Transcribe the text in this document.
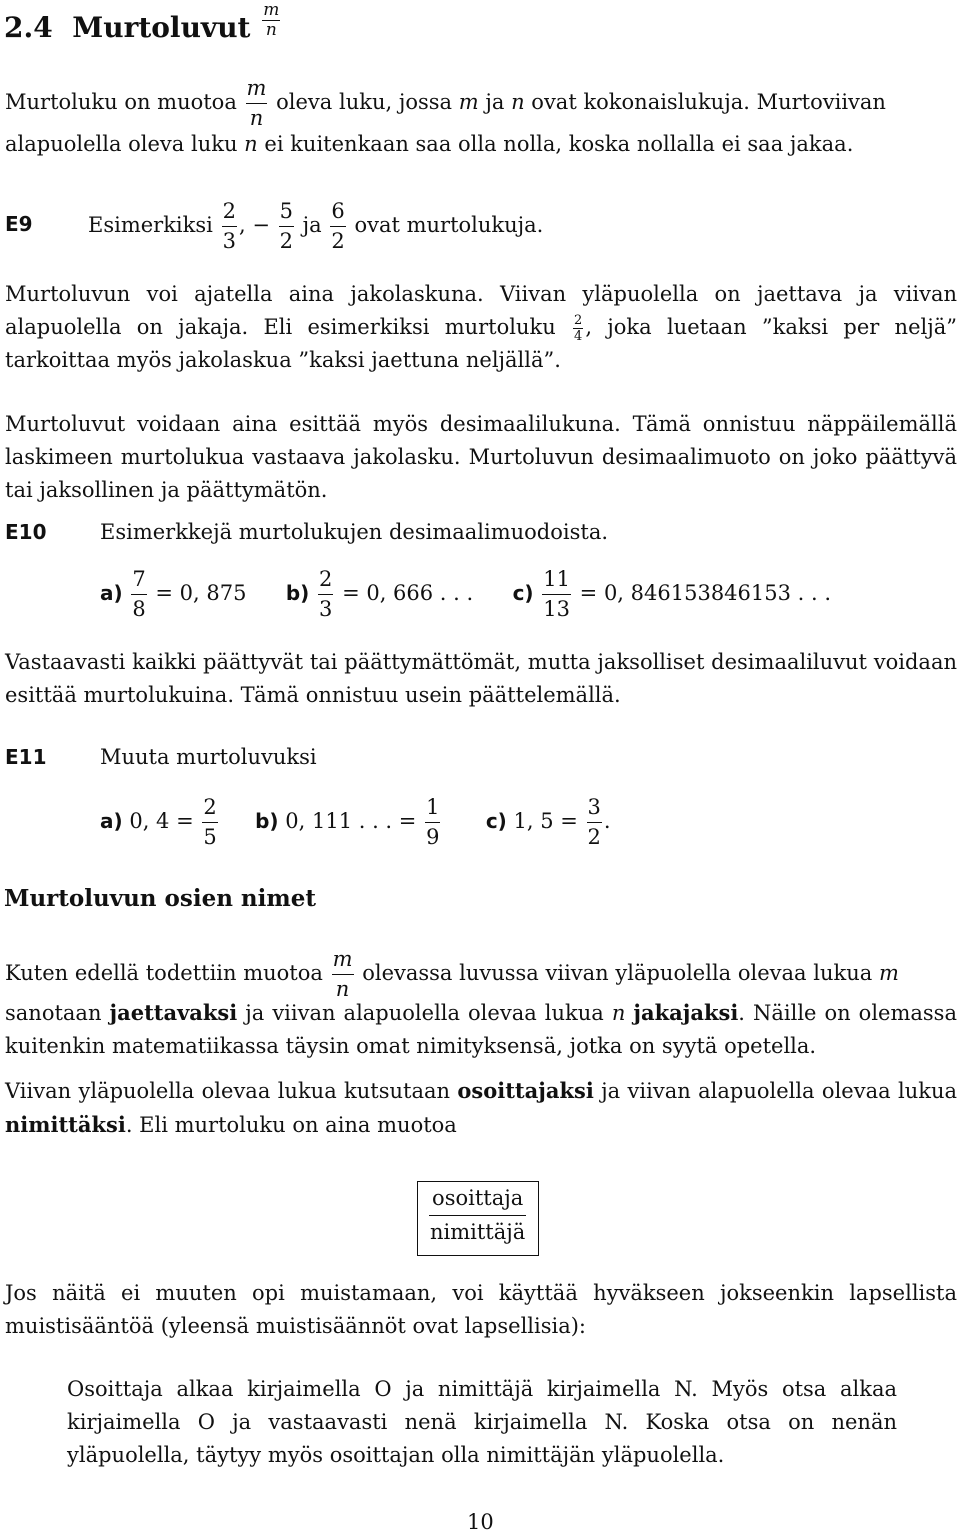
2.4 Murtoluvut $\frac{m}{n}$
Murtoluku on muotoa $\frac{m}{n}$ oleva luku, jossa m ja n ovat kokonaislukuja. Murtoviivan
alapuolella oleva luku n ei kuitenkaan saa olla nolla, koska nollalla ei saa jakaa.
E9	Esimerkiksi $\frac{2}{3}$ , − $\frac{5}{2}$ ja $\frac{6}{2}$ ovat murtolukuja.
Murtoluvun voi ajatella aina jakolaskuna. Viivan yläpuolella on jaettava ja viivan alapuolella on jakaja. Eli esimerkiksi murtoluku $\frac{2}{4}$ , joka luetaan ”kaksi per neljä” tarkoittaa myös jakolaskua ”kaksi jaettuna neljällä”.
Murtoluvut voidaan aina esittää myös desimaalilukuna. Tämä onnistuu näppäilemällä laskimeen murtolukua vastaava jakolasku. Murtoluvun desimaalimuoto on joko päättyvä tai jaksollinen ja päättymätön.
E10	Esimerkkejä murtolukujen desimaalimuodoista.
$a) \frac{7}{8} = 0$, 875 $b) \frac{2}{3} = 0$, 666 . . . $c) \frac{11}{13} = 0$, 846153846153 . . .
Vastaavasti kaikki päättyvät tai päättymättömät, mutta jaksolliset desimaaliluvut voidaan esittää murtolukuina. Tämä onnistuu usein päättelemällä.
E11	Muuta murtoluvuksi
a) 0, $4 = \frac{2}{5} b$) 0, 111 . . . = $\frac{1}{9} c$) 1, $5 = \frac{3}{2}$ .
Murtoluvun osien nimet
Kuten edellä todettiin muotoa $\frac{m}{n}$ olevassa luvussa viivan yläpuolella olevaa lukua m
sanotaan jaettavaksi ja viivan alapuolella olevaa lukua n jakajaksi. Näille on olemassa kuitenkin matematiikassa täysin omat nimityksensä, jotka on syytä opetella.
Viivan yläpuolella olevaa lukua kutsutaan osoittajaksi ja viivan alapuolella olevaa lukua nimittäksi. Eli murtoluku on aina muotoa
osoittaja
nimittäjä
Jos näitä ei muuten opi muistamaan, voi käyttää hyväkseen jokseenkin lapsellista muistisääntöä (yleensä muistisäännöt ovat lapsellisia):
Osoittaja alkaa kirjaimella O ja nimittäjä kirjaimella N. Myös otsa alkaa kirjaimella O ja vastaavasti nenä kirjaimella N. Koska otsa on nenän yläpuolella, täytyy myös osoittajan olla nimittäjän yläpuolella.
10
